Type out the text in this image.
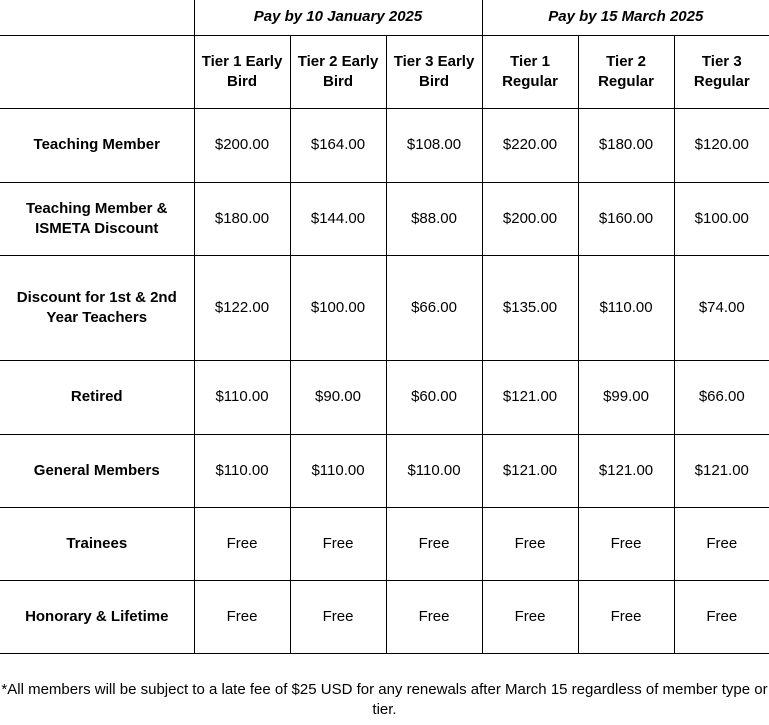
	Pay by 10 January 2025			Pay by 15 March 2025		
	Tier 1 Early Bird	Tier 2 Early Bird	Tier 3 Early Bird	Tier 1 Regular	Tier 2 Regular	Tier 3 Regular
Teaching Member	$200.00	$164.00	$108.00	$220.00	$180.00	$120.00
Teaching Member & ISMETA Discount	$180.00	$144.00	$88.00	$200.00	$160.00	$100.00
Discount for 1st & 2nd Year Teachers	$122.00	$100.00	$66.00	$135.00	$110.00	$74.00
Retired	$110.00	$90.00	$60.00	$121.00	$99.00	$66.00
General Members	$110.00	$110.00	$110.00	$121.00	$121.00	$121.00
Trainees	Free	Free	Free	Free	Free	Free
Honorary & Lifetime	Free	Free	Free	Free	Free	Free
*All members will be subject to a late fee of $25 USD for any renewals after March 15 regardless of member type or tier.
